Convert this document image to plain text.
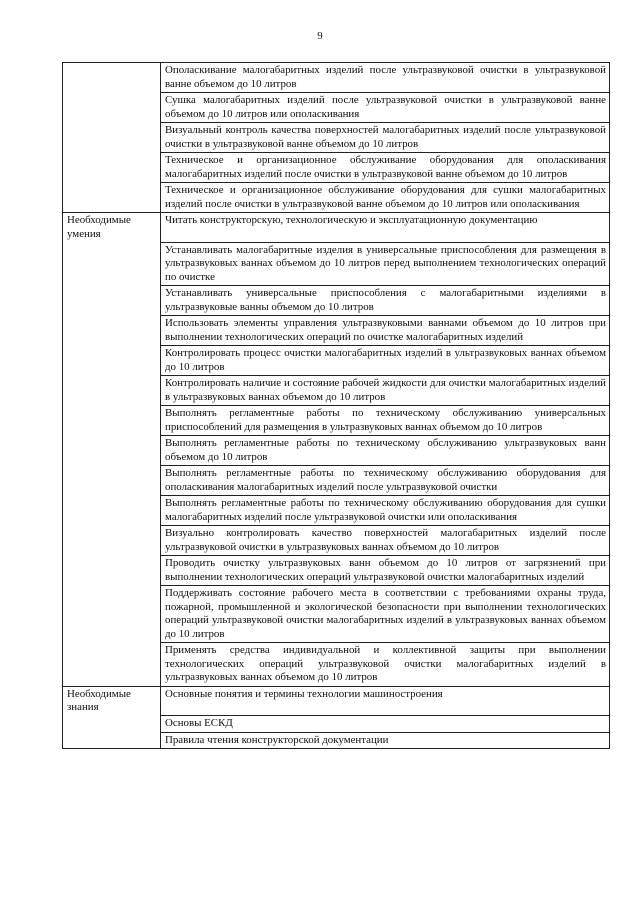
9
	Ополаскивание малогабаритных изделий после ультразвуковой очистки в ультразвуковой ванне объемом до 10 литров
	Сушка малогабаритных изделий после ультразвуковой очистки в ультразвуковой ванне объемом до 10 литров или ополаскивания
	Визуальный контроль качества поверхностей малогабаритных изделий после ультразвуковой очистки в ультразвуковой ванне объемом до 10 литров
	Техническое и организационное обслуживание оборудования для ополаскивания малогабаритных изделий после очистки в ультразвуковой ванне объемом до 10 литров
	Техническое и организационное обслуживание оборудования для сушки малогабаритных изделий после очистки в ультразвуковой ванне объемом до 10 литров или ополаскивания
Необходимые умения	Читать конструкторскую, технологическую и эксплуатационную документацию
	Устанавливать малогабаритные изделия в универсальные приспособления для размещения в ультразвуковых ваннах объемом до 10 литров перед выполнением технологических операций по очистке
	Устанавливать универсальные приспособления с малогабаритными изделиями в ультразвуковые ванны объемом до 10 литров
	Использовать элементы управления ультразвуковыми ваннами объемом до 10 литров при выполнении технологических операций по очистке малогабаритных изделий
	Контролировать процесс очистки малогабаритных изделий в ультразвуковых ваннах объемом до 10 литров
	Контролировать наличие и состояние рабочей жидкости для очистки малогабаритных изделий в ультразвуковых ваннах объемом до 10 литров
	Выполнять регламентные работы по техническому обслуживанию универсальных приспособлений для размещения в ультразвуковых ваннах объемом до 10 литров
	Выполнять регламентные работы по техническому обслуживанию ультразвуковых ванн объемом до 10 литров
	Выполнять регламентные работы по техническому обслуживанию оборудования для ополаскивания малогабаритных изделий после ультразвуковой очистки
	Выполнять регламентные работы по техническому обслуживанию оборудования для сушки малогабаритных изделий после ультразвуковой очистки или ополаскивания
	Визуально контролировать качество поверхностей малогабаритных изделий после ультразвуковой очистки в ультразвуковых ваннах объемом до 10 литров
	Проводить очистку ультразвуковых ванн объемом до 10 литров от загрязнений при выполнении технологических операций ультразвуковой очистки малогабаритных изделий
	Поддерживать состояние рабочего места в соответствии с требованиями охраны труда, пожарной, промышленной и экологической безопасности при выполнении технологических операций ультразвуковой очистки малогабаритных изделий в ультразвуковых ваннах объемом до 10 литров
	Применять средства индивидуальной и коллективной защиты при выполнении технологических операций ультразвуковой очистки малогабаритных изделий в ультразвуковых ваннах объемом до 10 литров
Необходимые знания	Основные понятия и термины технологии машиностроения
	Основы ЕСКД
	Правила чтения конструкторской документации
